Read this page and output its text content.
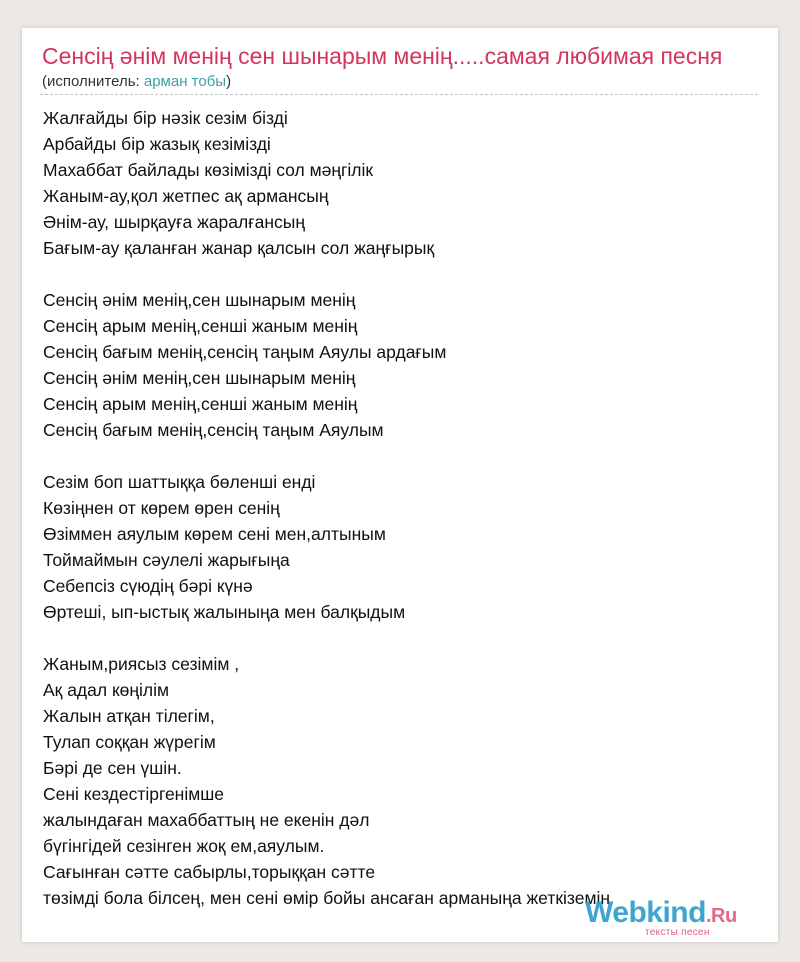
Сенсің әнім менің сен шынарым менің.....самая любимая песня
(исполнитель: арман тобы)
Жалғайды бір нәзік сезім бізді
Арбайды бір жазық кезімізді
Махаббат байлады көзімізді сол мәңгілік
Жаным-ау,қол жетпес ақ армансың
Әнім-ау, шырқауға жаралғансың
Бағым-ау қаланған жанар қалсын сол жаңғырық
Сенсің әнім менің,сен шынарым менің
Сенсің арым менің,сенші жаным менің
Сенсің бағым менің,сенсің таңым Аяулы ардағым
Сенсің әнім менің,сен шынарым менің
Сенсің арым менің,сенші жаным менің
Сенсің бағым менің,сенсің таңым Аяулым
Сезім боп шаттыққа бөленші енді
Көзіңнен от көрем өрен сенің
Өзіммен аяулым көрем сені мен,алтыным
Тоймаймын сәулелі жарығыңа
Себепсіз сүюдің бәрі күнә
Өртеші, ып-ыстық жалыныңа мен балқыдым
Жаным,риясыз сезімім ,
Ақ адал көңілім
Жалын атқан тілегім,
Тулап соққан жүрегім
Бәрі де сен үшін.
Сені кездестіргенімше
жалындаған махаббаттың не екенін дәл
бүгінгідей сезінген жоқ ем,аяулым.
Сағынған сәтте сабырлы,торыққан сәтте
төзімді бола білсең, мен сені өмір бойы ансаған арманыңа жеткіземін
Webkind.Ru
тексты песен
